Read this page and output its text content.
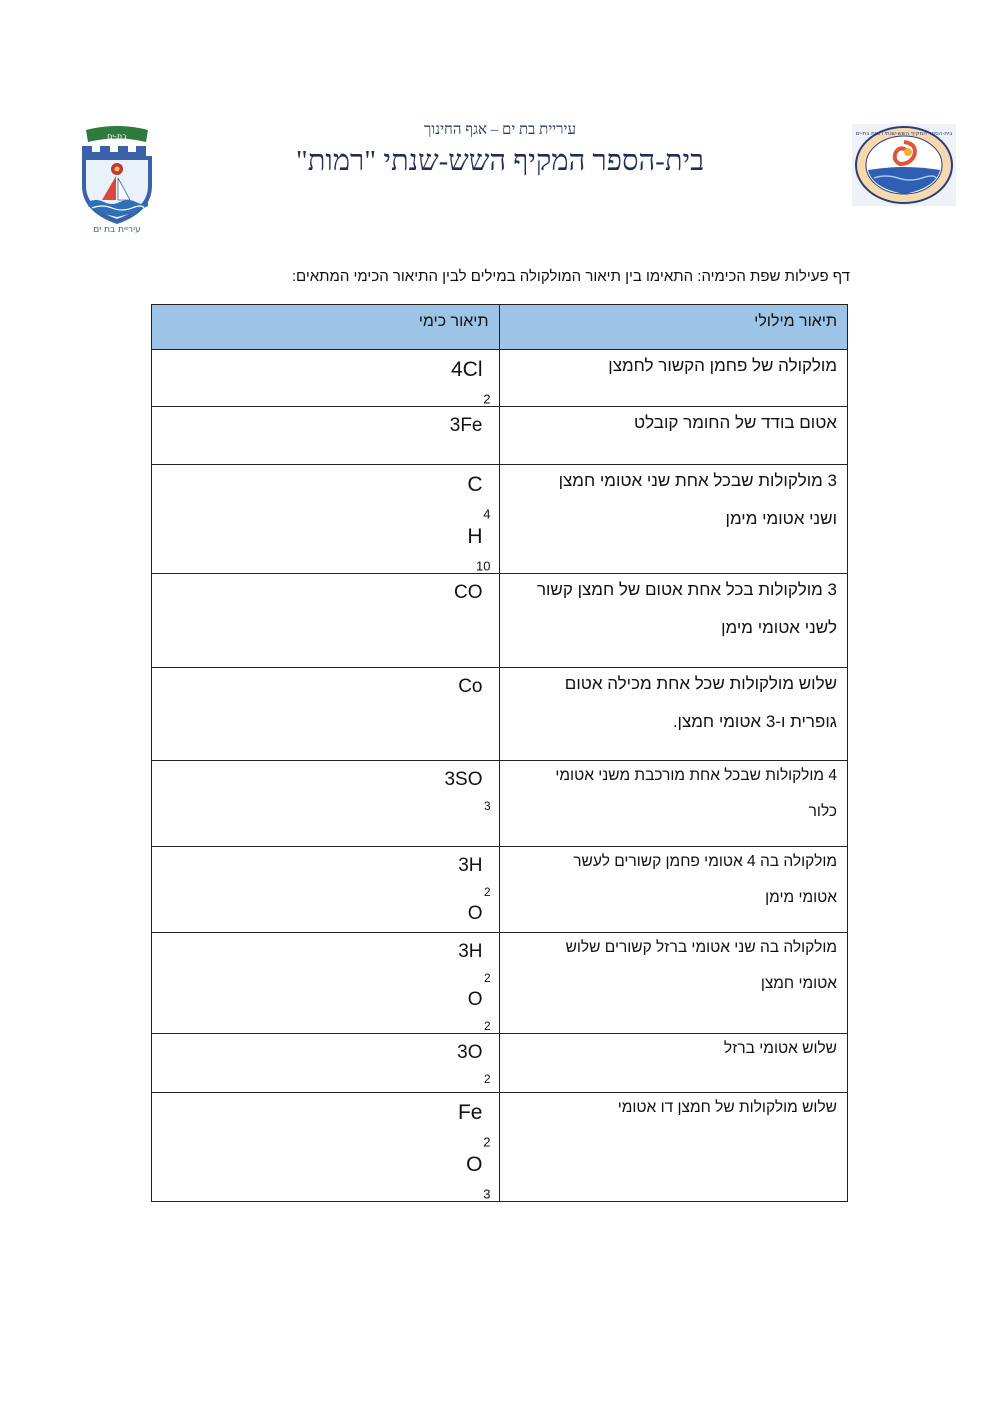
עיריית בת ים – אגף החינוך
בית-הספר המקיף השש-שנתי "רמות"
בת-ים
עיריית בת ים
בית-הספר המקיף השש-שנתי רמות בת-ים
דף פעילות שפת הכימיה: התאימו בין תיאור המולקולה במילים לבין התיאור הכימי המתאים:
תיאור מילולי	תיאור כימי

מולקולה של פחמן הקשור לחמצן	4Cl
$_2$

אטום בודד של החומר קובלט	3Fe

3 מולקולות שבכל אחת שני אטומי חמצן
ושני אטומי מימן	C
$_4$
H
$_{10}$

3 מולקולות בכל אחת אטום של חמצן קשור
לשני אטומי מימן	CO

שלוש מולקולות שכל אחת מכילה אטום
גופרית ו-3 אטומי חמצן.	Co

4 מולקולות שבכל אחת מורכבת משני אטומי
כלור	3SO
$_3$

מולקולה בה 4 אטומי פחמן קשורים לעשר
אטומי מימן	3H
$_2$
O

מולקולה בה שני אטומי ברזל קשורים שלוש
אטומי חמצן	3H
$_2$
O
$_2$

שלוש אטומי ברזל	3O
$_2$

שלוש מולקולות של חמצן דו אטומי	Fe
$_2$
O
$_3$
